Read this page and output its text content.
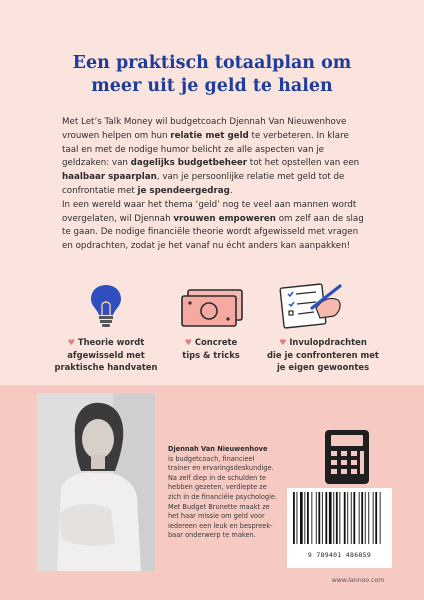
Een praktisch totaalplan om
meer uit je geld te halen

Met Let’s Talk Money wil budgetcoach Djennah Van Nieuwenhove vrouwen helpen om hun relatie met geld te verbeteren. In klare taal en met de nodige humor belicht ze alle aspecten van je geldzaken: van dagelijks budgetbeheer tot het opstellen van een haalbaar spaarplan, van je persoonlijke relatie met geld tot de confrontatie met je spendeergedrag.

In een wereld waar het thema ‘geld’ nog te veel aan mannen wordt overgelaten, wil Djennah vrouwen empoweren om zelf aan de slag te gaan. De nodige financiële theorie wordt afgewisseld met vragen en opdrachten, zodat je het vanaf nu écht anders kan aanpakken!

♥ Theorie wordt
afgewisseld met
praktische handvaten
♥ Concrete
tips & tricks
♥ Invulopdrachten
die je confronteren met
je eigen gewoontes
Djennah Van Nieuwenhove
is budgetcoach, financieel
trainer en ervaringsdeskundige.
Na zelf diep in de schulden te
hebben gezeten, verdiepte ze
zich in de financiële psychologie.
Met Budget Brunette maakt ze
het haar missie om geld voor
iedereen een leuk en bespreek-
baar onderwerp te maken.
9 789401 486859
www.lannoo.com
